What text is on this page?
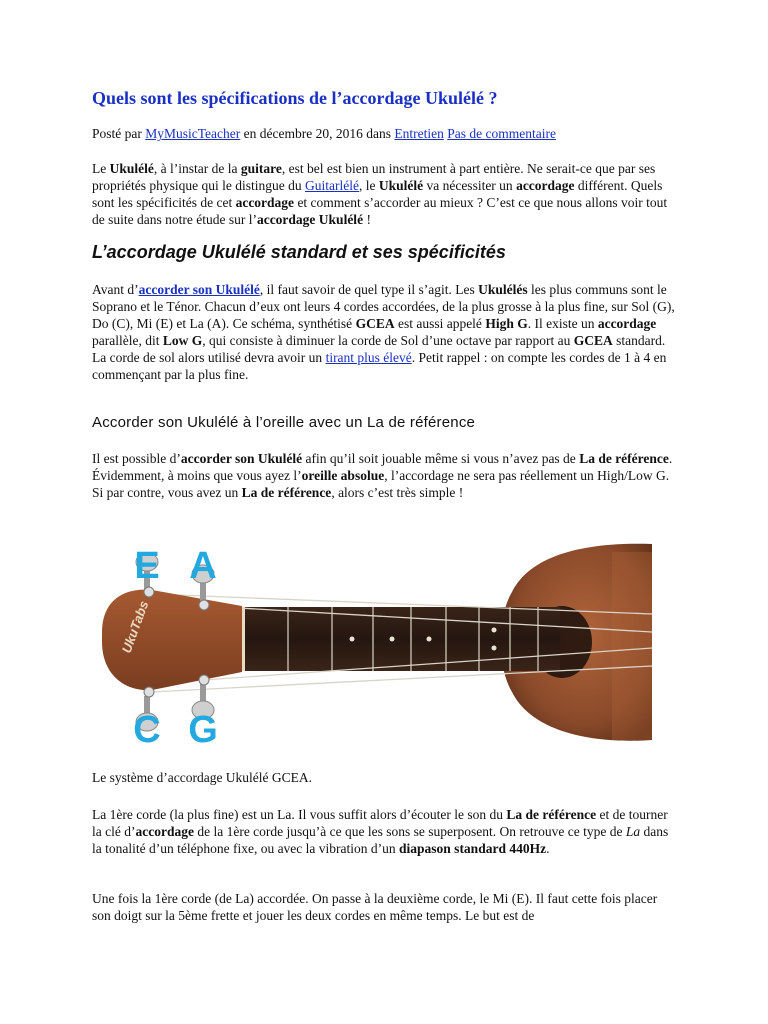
Quels sont les spécifications de l’accordage Ukulélé ?

Posté par MyMusicTeacher en décembre 20, 2016 dans Entretien Pas de commentaire

Le Ukulélé, à l’instar de la guitare, est bel est bien un instrument à part entière. Ne serait-ce que par ses propriétés physique qui le distingue du Guitarlélé, le Ukulélé va nécessiter un accordage différent. Quels sont les spécificités de cet accordage et comment s’accorder au mieux ? C’est ce que nous allons voir tout de suite dans notre étude sur l’accordage Ukulélé !

L’accordage Ukulélé standard et ses spécificités

Avant d’accorder son Ukulélé, il faut savoir de quel type il s’agit. Les Ukulélés les plus communs sont le Soprano et le Ténor. Chacun d’eux ont leurs 4 cordes accordées, de la plus grosse à la plus fine, sur Sol (G), Do (C), Mi (E) et La (A). Ce schéma, synthétisé GCEA est aussi appelé High G. Il existe un accordage parallèle, dit Low G, qui consiste à diminuer la corde de Sol d’une octave par rapport au GCEA standard. La corde de sol alors utilisé devra avoir un tirant plus élevé. Petit rappel : on compte les cordes de 1 à 4 en commençant par la plus fine.

Accorder son Ukulélé à l’oreille avec un La de référence

Il est possible d’accorder son Ukulélé afin qu’il soit jouable même si vous n’avez pas de La de référence. Évidemment, à moins que vous ayez l’oreille absolue, l’accordage ne sera pas réellement un High/Low G. Si par contre, vous avez un La de référence, alors c’est très simple !

UkuTabs
E A
C G

Le système d’accordage Ukulélé GCEA.

La 1ère corde (la plus fine) est un La. Il vous suffit alors d’écouter le son du La de référence et de tourner la clé d’accordage de la 1ère corde jusqu’à ce que les sons se superposent. On retrouve ce type de La dans la tonalité d’un téléphone fixe, ou avec la vibration d’un diapason standard 440Hz.

Une fois la 1ère corde (de La) accordée. On passe à la deuxième corde, le Mi (E). Il faut cette fois placer son doigt sur la 5ème frette et jouer les deux cordes en même temps. Le but est de
